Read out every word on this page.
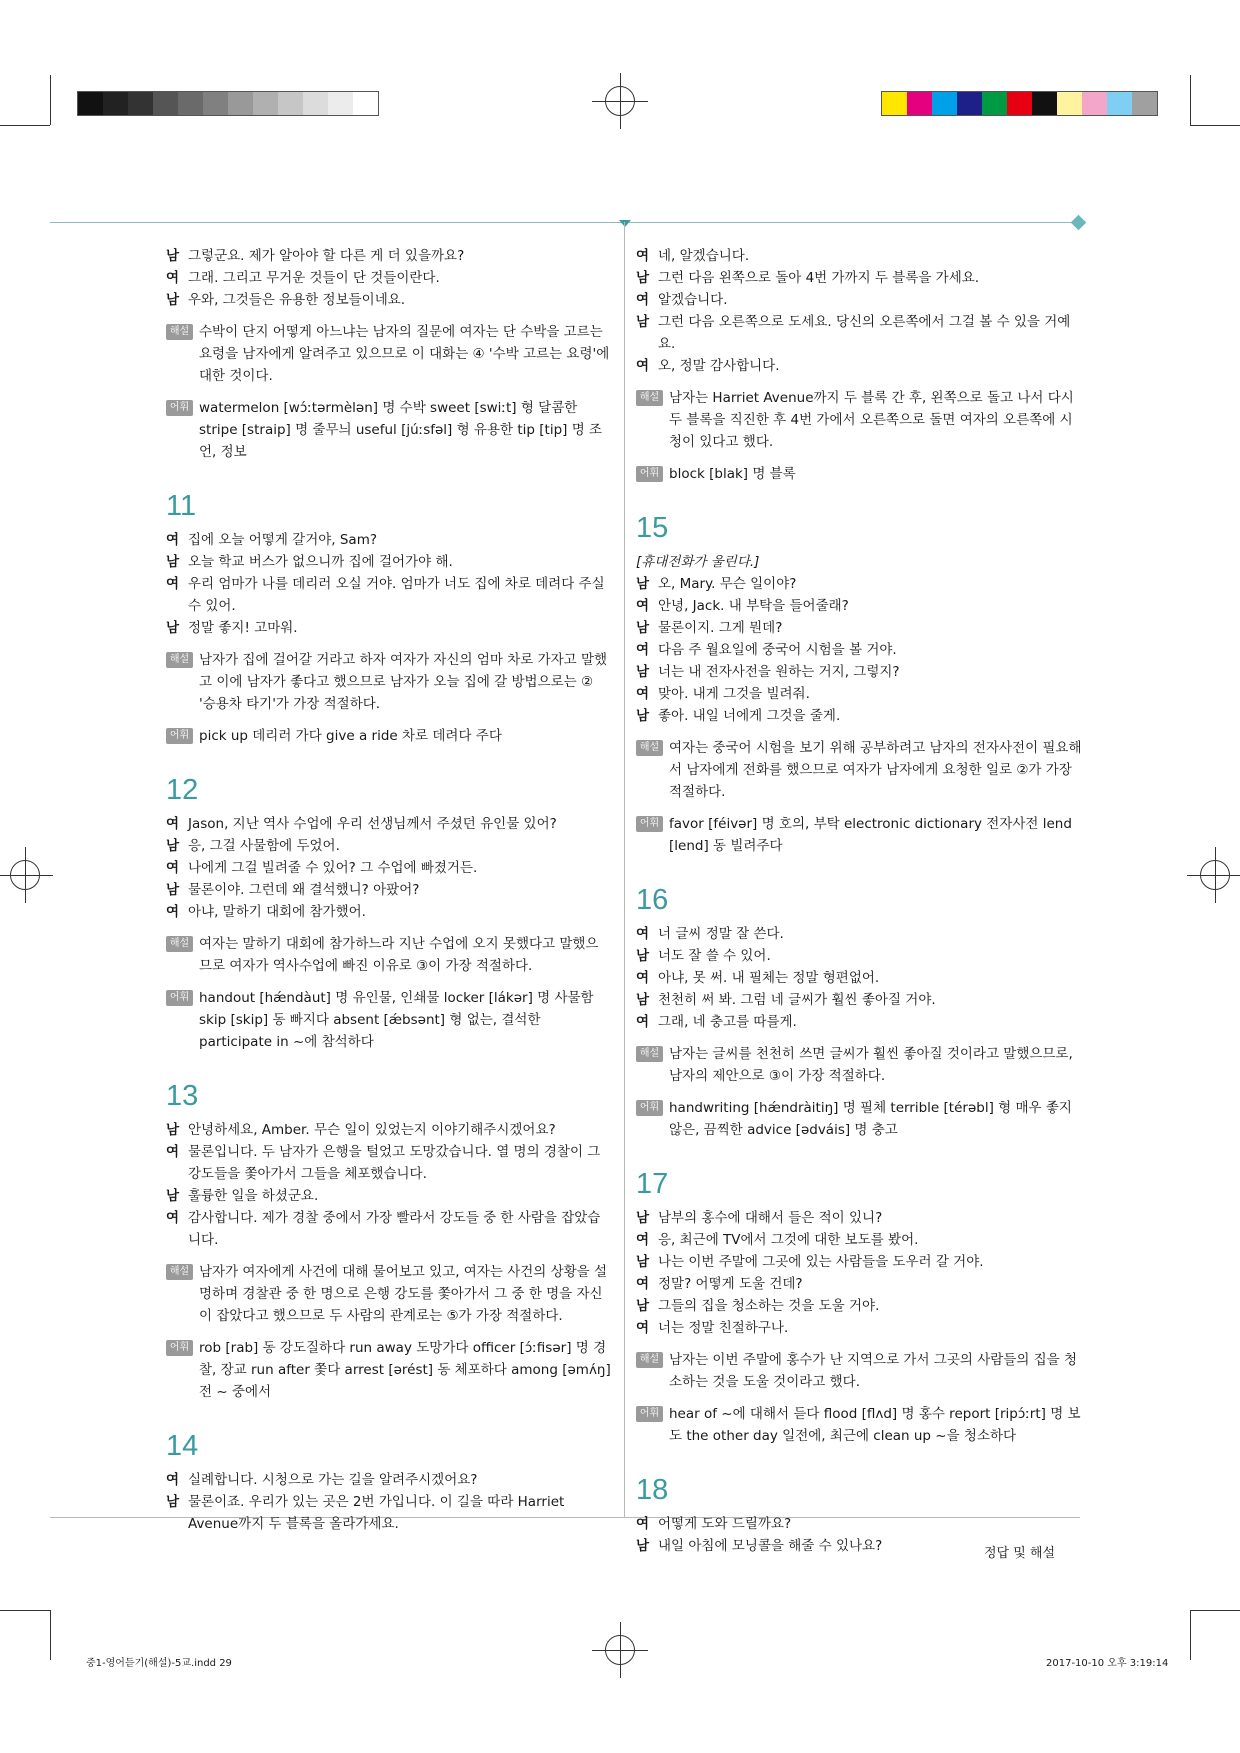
남 그렇군요. 제가 알아야 할 다른 게 더 있을까요?
여 그래. 그리고 무거운 것들이 단 것들이란다.
남 우와, 그것들은 유용한 정보들이네요.
해설 수박이 단지 어떻게 아느냐는 남자의 질문에 여자는 단 수박을 고르는 요령을 남자에게 알려주고 있으므로 이 대화는 ④ '수박 고르는 요령'에 대한 것이다.
어휘 watermelon [wɔ́ːtərmèlən] 명 수박 sweet [swiːt] 형 달콤한 stripe [straip] 명 줄무늬 useful [júːsfəl] 형 유용한 tip [tip] 명 조언, 정보
11
여 집에 오늘 어떻게 갈거야, Sam?
남 오늘 학교 버스가 없으니까 집에 걸어가야 해.
여 우리 엄마가 나를 데리러 오실 거야. 엄마가 너도 집에 차로 데려다 주실 수 있어.
남 정말 좋지! 고마워.
해설 남자가 집에 걸어갈 거라고 하자 여자가 자신의 엄마 차로 가자고 말했고 이에 남자가 좋다고 했으므로 남자가 오늘 집에 갈 방법으로는 ② '승용차 타기'가 가장 적절하다.
어휘 pick up 데리러 가다 give a ride 차로 데려다 주다
12
여 Jason, 지난 역사 수업에 우리 선생님께서 주셨던 유인물 있어?
남 응, 그걸 사물함에 두었어.
여 나에게 그걸 빌려줄 수 있어? 그 수업에 빠졌거든.
남 물론이야. 그런데 왜 결석했니? 아팠어?
여 아냐, 말하기 대회에 참가했어.
해설 여자는 말하기 대회에 참가하느라 지난 수업에 오지 못했다고 말했으므로 여자가 역사수업에 빠진 이유로 ③이 가장 적절하다.
어휘 handout [hǽndàut] 명 유인물, 인쇄물 locker [lákər] 명 사물함 skip [skip] 동 빠지다 absent [ǽbsənt] 형 없는, 결석한 participate in ~에 참석하다
13
남 안녕하세요, Amber. 무슨 일이 있었는지 이야기해주시겠어요?
여 물론입니다. 두 남자가 은행을 털었고 도망갔습니다. 열 명의 경찰이 그 강도들을 쫓아가서 그들을 체포했습니다.
남 훌륭한 일을 하셨군요.
여 감사합니다. 제가 경찰 중에서 가장 빨라서 강도들 중 한 사람을 잡았습니다.
해설 남자가 여자에게 사건에 대해 물어보고 있고, 여자는 사건의 상황을 설명하며 경찰관 중 한 명으로 은행 강도를 쫓아가서 그 중 한 명을 자신이 잡았다고 했으므로 두 사람의 관계로는 ⑤가 가장 적절하다.
어휘 rob [rab] 동 강도질하다 run away 도망가다 officer [ɔ́ːfisər] 명 경찰, 장교 run after 쫓다 arrest [ərést] 동 체포하다 among [əmʌ́ŋ] 전 ~ 중에서
14
여 실례합니다. 시청으로 가는 길을 알려주시겠어요?
남 물론이죠. 우리가 있는 곳은 2번 가입니다. 이 길을 따라 Harriet Avenue까지 두 블록을 올라가세요.
여 네, 알겠습니다.
남 그런 다음 왼쪽으로 돌아 4번 가까지 두 블록을 가세요.
여 알겠습니다.
남 그런 다음 오른쪽으로 도세요. 당신의 오른쪽에서 그걸 볼 수 있을 거예요.
여 오, 정말 감사합니다.
해설 남자는 Harriet Avenue까지 두 블록 간 후, 왼쪽으로 돌고 나서 다시 두 블록을 직진한 후 4번 가에서 오른쪽으로 돌면 여자의 오른쪽에 시청이 있다고 했다.
어휘 block [blak] 명 블록
15
[휴대전화가 울린다.]
남 오, Mary. 무슨 일이야?
여 안녕, Jack. 내 부탁을 들어줄래?
남 물론이지. 그게 뭔데?
여 다음 주 월요일에 중국어 시험을 볼 거야.
남 너는 내 전자사전을 원하는 거지, 그렇지?
여 맞아. 내게 그것을 빌려줘.
남 좋아. 내일 너에게 그것을 줄게.
해설 여자는 중국어 시험을 보기 위해 공부하려고 남자의 전자사전이 필요해서 남자에게 전화를 했으므로 여자가 남자에게 요청한 일로 ②가 가장 적절하다.
어휘 favor [féivər] 명 호의, 부탁 electronic dictionary 전자사전 lend [lend] 동 빌려주다
16
여 너 글씨 정말 잘 쓴다.
남 너도 잘 쓸 수 있어.
여 아냐, 못 써. 내 필체는 정말 형편없어.
남 천천히 써 봐. 그럼 네 글씨가 훨씬 좋아질 거야.
여 그래, 네 충고를 따를게.
해설 남자는 글씨를 천천히 쓰면 글씨가 훨씬 좋아질 것이라고 말했으므로, 남자의 제안으로 ③이 가장 적절하다.
어휘 handwriting [hǽndràitiŋ] 명 필체 terrible [térəbl] 형 매우 좋지 않은, 끔찍한 advice [ədváis] 명 충고
17
남 남부의 홍수에 대해서 들은 적이 있니?
여 응, 최근에 TV에서 그것에 대한 보도를 봤어.
남 나는 이번 주말에 그곳에 있는 사람들을 도우러 갈 거야.
여 정말? 어떻게 도울 건데?
남 그들의 집을 청소하는 것을 도울 거야.
여 너는 정말 친절하구나.
해설 남자는 이번 주말에 홍수가 난 지역으로 가서 그곳의 사람들의 집을 청소하는 것을 도울 것이라고 했다.
어휘 hear of ~에 대해서 듣다 flood [flʌd] 명 홍수 report [ripɔ́ːrt] 명 보도 the other day 일전에, 최근에 clean up ~을 청소하다
18
여 어떻게 도와 드릴까요?
남 내일 아침에 모닝콜을 해줄 수 있나요?	정답 및 해설
중1-영어듣기(해설)-5교.indd 29	2017-10-10 오후 3:19:14
